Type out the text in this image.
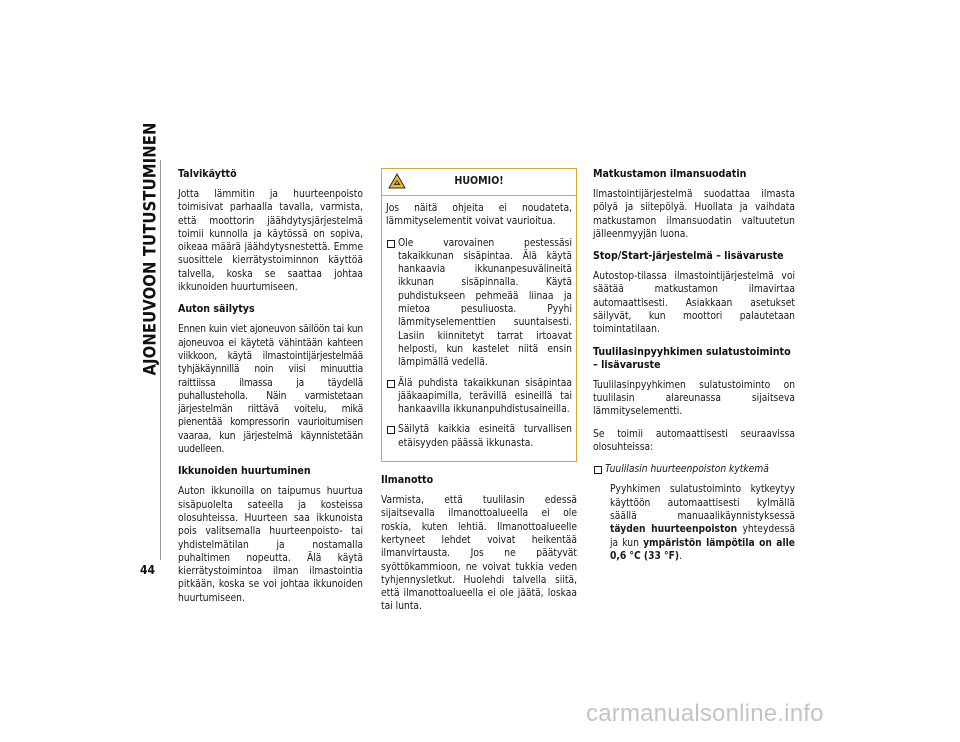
AJONEUVOON TUTUSTUMINEN
44
Talvikäyttö

Jotta lämmitin ja huurteenpoisto toimisivat parhaalla tavalla, varmista, että moottorin jäähdytysjärjestelmä toimii kunnolla ja käytössä on sopiva, oikeaa määrä jäähdytysnestettä. Emme suosittele kierrätystoiminnon käyttöä talvella, koska se saattaa johtaa ikkunoiden huurtumiseen.

Auton säilytys

Ennen kuin viet ajoneuvon säilöön tai kun ajoneuvoa ei käytetä vähintään kahteen viikkoon, käytä ilmastointijärjestelmää tyhjäkäynnillä noin viisi minuuttia raittiissa ilmassa ja täydellä puhallusteholla. Näin varmistetaan järjestelmän riittävä voitelu, mikä pienentää kompressorin vaurioitumisen vaaraa, kun järjestelmä käynnistetään uudelleen.

Ikkunoiden huurtuminen

Auton ikkunoilla on taipumus huurtua sisäpuolelta sateella ja kosteissa olosuhteissa. Huurteen saa ikkunoista pois valitsemalla huurteenpoisto- tai yhdistelmätilan ja nostamalla puhaltimen nopeutta. Älä käytä kierrätystoimintoa ilman ilmastointia pitkään, koska se voi johtaa ikkunoiden huurtumiseen.

HUOMIO!

Jos näitä ohjeita ei noudateta, lämmityselementit voivat vaurioitua.

Ole varovainen pestessäsi takaikkunan sisäpintaa. Älä käytä hankaavia ikkunanpesuvälineitä ikkunan sisäpinnalla. Käytä puhdistukseen pehmeää liinaa ja mietoa pesuliuosta. Pyyhi lämmityselementtien suuntaisesti. Lasiin kiinnitetyt tarrat irtoavat helposti, kun kastelet niitä ensin lämpimällä vedellä.
Älä puhdista takaikkunan sisäpintaa jääkaapimilla, terävillä esineillä tai hankaavilla ikkunanpuhdistusaineilla.
Säilytä kaikkia esineitä turvallisen etäisyyden päässä ikkunasta.
Ilmanotto

Varmista, että tuulilasin edessä sijaitsevalla ilmanottoalueella ei ole roskia, kuten lehtiä. Ilmanottoalueelle kertyneet lehdet voivat heikentää ilmanvirtausta. Jos ne päätyvät syöttökammioon, ne voivat tukkia veden tyhjennysletkut. Huolehdi talvella siitä, että ilmanottoalueella ei ole jäätä, loskaa tai lunta.

Matkustamon ilmansuodatin

Ilmastointijärjestelmä suodattaa ilmasta pölyä ja siitepölyä. Huollata ja vaihdata matkustamon ilmansuodatin valtuutetun jälleenmyyjän luona.

Stop/Start-järjestelmä – lisävaruste

Autostop-tilassa ilmastointijärjestelmä voi säätää matkustamon ilmavirtaa automaattisesti. Asiakkaan asetukset säilyvät, kun moottori palautetaan toimintatilaan.

Tuulilasinpyyhkimen sulatustoiminto – lisävaruste

Tuulilasinpyyhkimen sulatustoiminto on tuulilasin alareunassa sijaitseva lämmityselementti.

Se toimii automaattisesti seuraavissa olosuhteissa:

Tuulilasin huurteenpoiston kytkemä
Pyyhkimen sulatustoiminto kytkeytyy käyttöön automaattisesti kylmällä säällä manuaalikäynnistyksessä täyden huurteenpoiston yhteydessä ja kun ympäristön lämpötila on alle 0,6 °C (33 °F).
carmanualsonline.info
